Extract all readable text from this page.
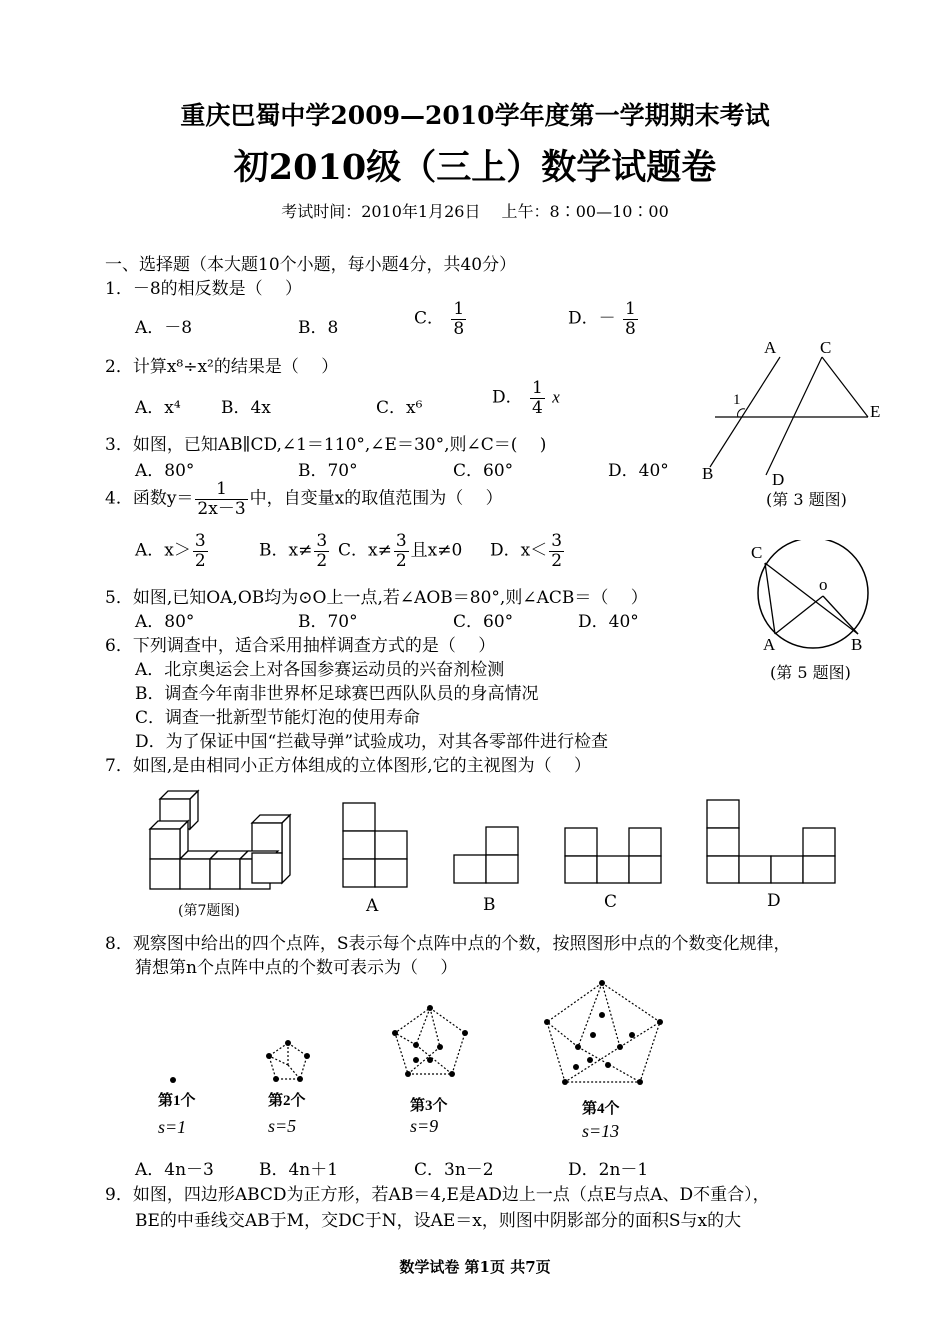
重庆巴蜀中学2009—2010学年度第一学期期末考试
初2010级（三上）数学试题卷
考试时间：2010年1月26日　 上午：8∶00—10∶00
一、选择题（本大题10个小题，每小题4分，共40分）
1．－8的相反数是（　 ）
A．－8	B．8	C． $\frac{1}{8}$	D．－ $\frac{1}{8}$
2．计算x⁸÷x²的结果是（　 ）
A．x⁴ B．4x	C．x⁶
D． $\frac{1}{4}$ x
3．如图，已知AB∥CD,∠1＝110°,∠E＝30°,则∠C＝(　 )
A．80°	B．70°	C．60°	D．40°
A	C
1
E
B	D
(第 3 题图)
4．函数$y= \frac{1}{2x-3}$ 中，自变量x的取值范围为（　 ）
A．$x> \frac{3}{2}$	B．$x\ne \frac{3}{2}$ C．$x\ne \frac{3}{2}$ 且x≠0 D．$x< \frac{3}{2}$
5．如图,已知OA,OB均为⊙O上一点,若∠AOB＝80°,则∠ACB＝（　 ）
A．80°	B．70°	C．60°	D．40°
C
o
A	B
(第 5 题图)
6．下列调查中，适合采用抽样调查方式的是（　 ）
A．北京奥运会上对各国参赛运动员的兴奋剂检测
B．调查今年南非世界杯足球赛巴西队队员的身高情况
C．调查一批新型节能灯泡的使用寿命
D．为了保证中国“拦截导弹”试验成功，对其各零部件进行检查
7．如图,是由相同小正方体组成的立体图形,它的主视图为（　 ）
(第7题图)	A	B	C	D
8．观察图中给出的四个点阵，S表示每个点阵中点的个数，按照图形中点的个数变化规律，
猜想第n个点阵中点的个数可表示为（　 ）
第1个	第2个	第3个	第4个
s=1	s=5	s=9	s=13
A．4n－3	B．4n＋1	C．3n－2	D．2n－1
9．如图，四边形ABCD为正方形，若AB＝4,E是AD边上一点（点E与点A、D不重合），
BE的中垂线交AB于M，交DC于N，设AE＝x，则图中阴影部分的面积S与x的大
数学试卷 第1页 共7页
